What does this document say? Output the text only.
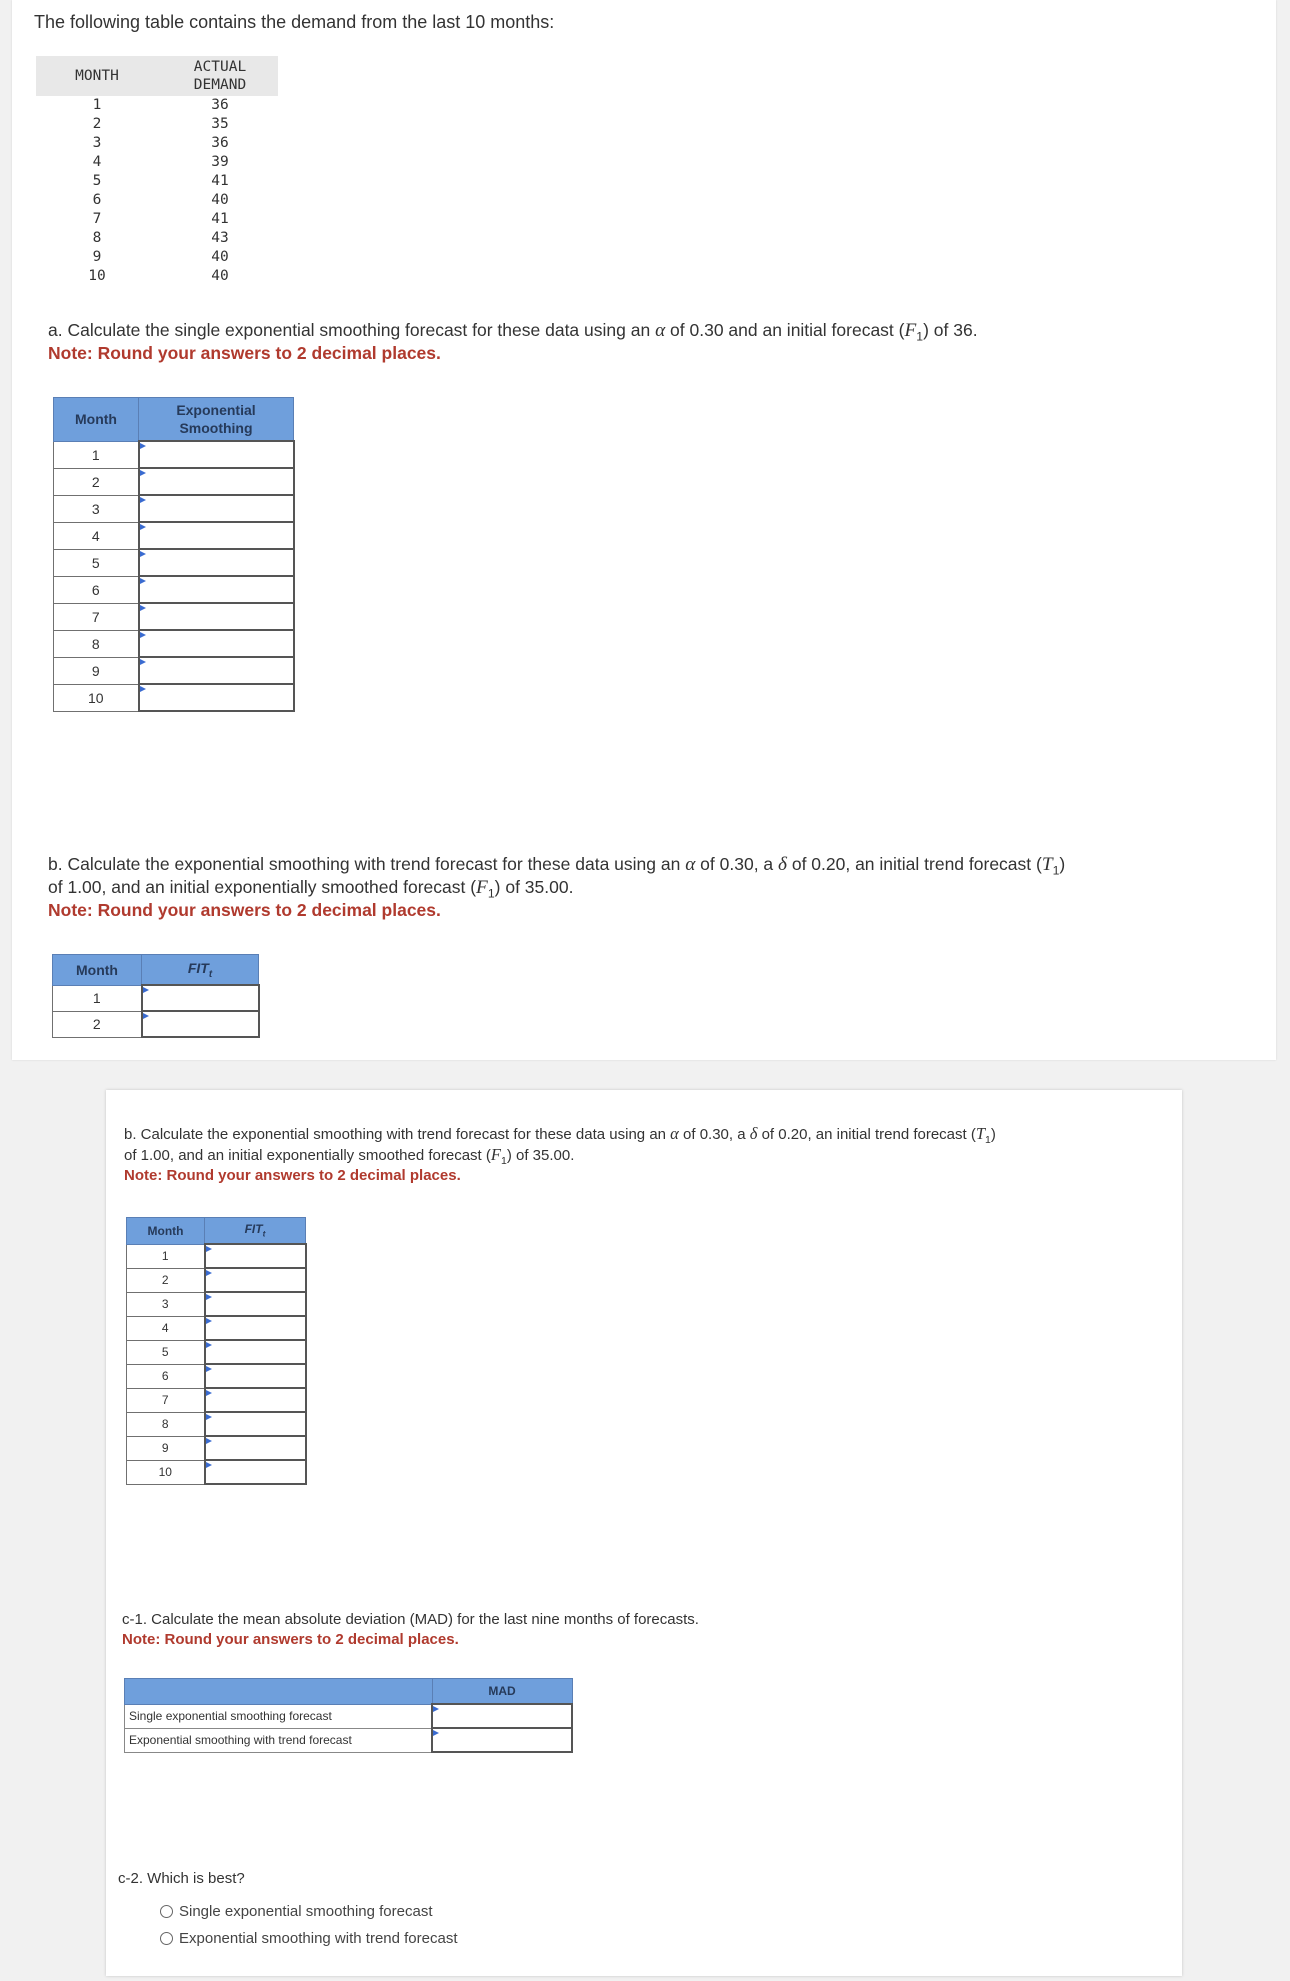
The following table contains the demand from the last 10 months:

MONTH
ACTUAL
DEMAND
1	36
2	35
3	36
4	39
5	41
6	40
7	41
8	43
9	40
10	40

a. Calculate the single exponential smoothing forecast for these data using an α of 0.30 and an initial forecast $(F_1)$ of 36.

Note: Round your answers to 2 decimal places.

Month	Exponential Smoothing
1	
2	
3	
4	
5	
6	
7	
8	
9	
10	

b. Calculate the exponential smoothing with trend forecast for these data using an α of 0.30, a δ of 0.20, an initial trend forecast $(T_1)$

of 1.00, and an initial exponentially smoothed forecast $(F_1)$ of 35.00.

Note: Round your answers to 2 decimal places.

Month	$FIT_t$
1	
2	

b. Calculate the exponential smoothing with trend forecast for these data using an α of 0.30, a δ of 0.20, an initial trend forecast $(T_1)$

of 1.00, and an initial exponentially smoothed forecast $(F_1)$ of 35.00.

Note: Round your answers to 2 decimal places.

Month	$FIT_t$
1	
2	
3	
4	
5	
6	
7	
8	
9	
10	

c-1. Calculate the mean absolute deviation (MAD) for the last nine months of forecasts.

Note: Round your answers to 2 decimal places.

	MAD
Single exponential smoothing forecast	
Exponential smoothing with trend forecast	

c-2. Which is best?

Single exponential smoothing forecast
Exponential smoothing with trend forecast
